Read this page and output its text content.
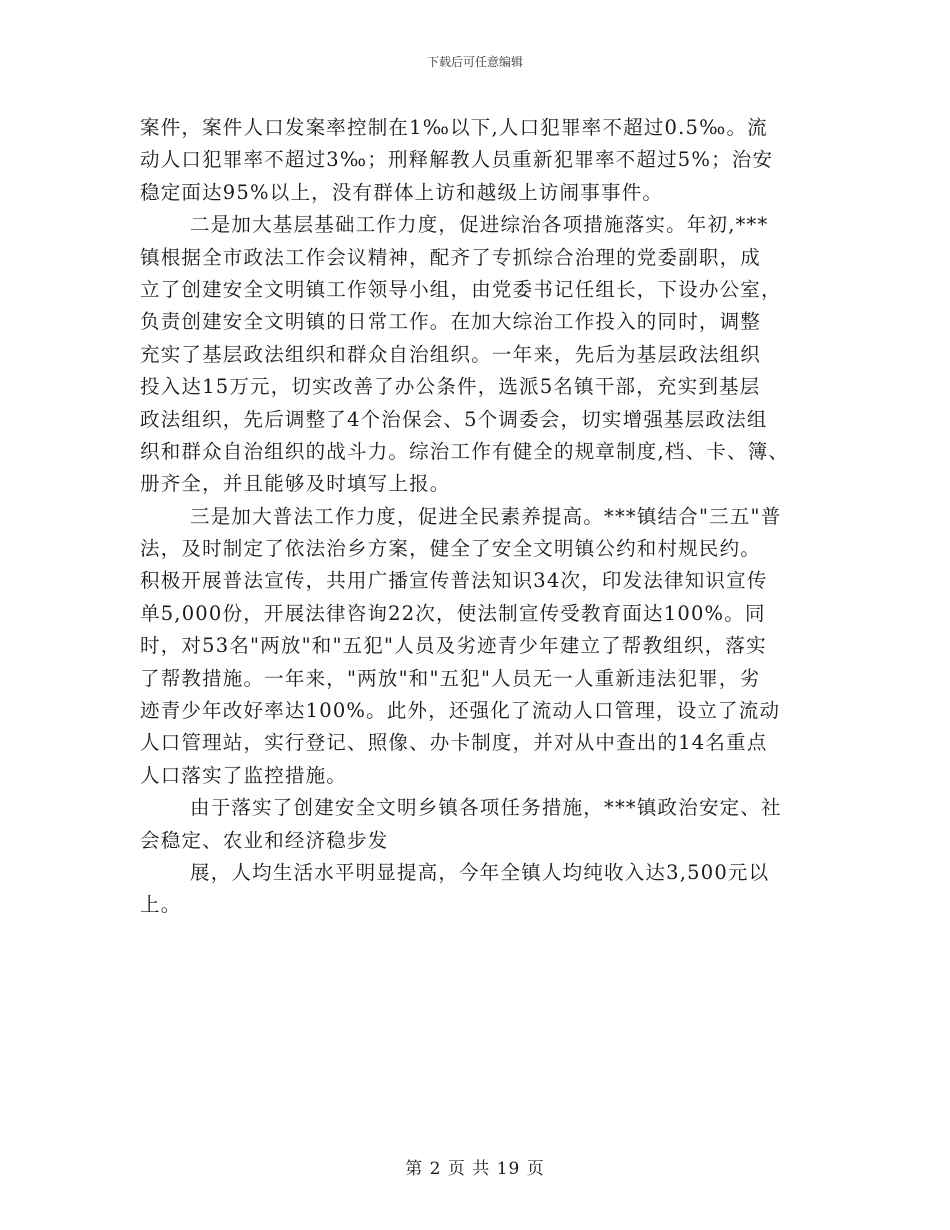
下载后可任意编辑
案件，案件人口发案率控制在1‰以下,人口犯罪率不超过0.5‰。流
动人口犯罪率不超过3‰；刑释解教人员重新犯罪率不超过5%；治安
稳定面达95%以上，没有群体上访和越级上访闹事事件。
二是加大基层基础工作力度，促进综治各项措施落实。年初,***
镇根据全市政法工作会议精神，配齐了专抓综合治理的党委副职，成
立了创建安全文明镇工作领导小组，由党委书记任组长，下设办公室，
负责创建安全文明镇的日常工作。在加大综治工作投入的同时，调整
充实了基层政法组织和群众自治组织。一年来，先后为基层政法组织
投入达15万元，切实改善了办公条件，选派5名镇干部，充实到基层
政法组织，先后调整了4个治保会、5个调委会，切实增强基层政法组
织和群众自治组织的战斗力。综治工作有健全的规章制度,档、卡、簿、
册齐全，并且能够及时填写上报。
三是加大普法工作力度，促进全民素养提高。***镇结合"三五"普
法，及时制定了依法治乡方案，健全了安全文明镇公约和村规民约。
积极开展普法宣传，共用广播宣传普法知识34次，印发法律知识宣传
单5,000份，开展法律咨询22次，使法制宣传受教育面达100%。同
时，对53名"两放"和"五犯"人员及劣迹青少年建立了帮教组织，落实
了帮教措施。一年来，"两放"和"五犯"人员无一人重新违法犯罪，劣
迹青少年改好率达100%。此外，还强化了流动人口管理，设立了流动
人口管理站，实行登记、照像、办卡制度，并对从中查出的14名重点
人口落实了监控措施。
由于落实了创建安全文明乡镇各项任务措施，***镇政治安定、社
会稳定、农业和经济稳步发
展，人均生活水平明显提高，今年全镇人均纯收入达3,500元以
上。
第 2 页 共 19 页
